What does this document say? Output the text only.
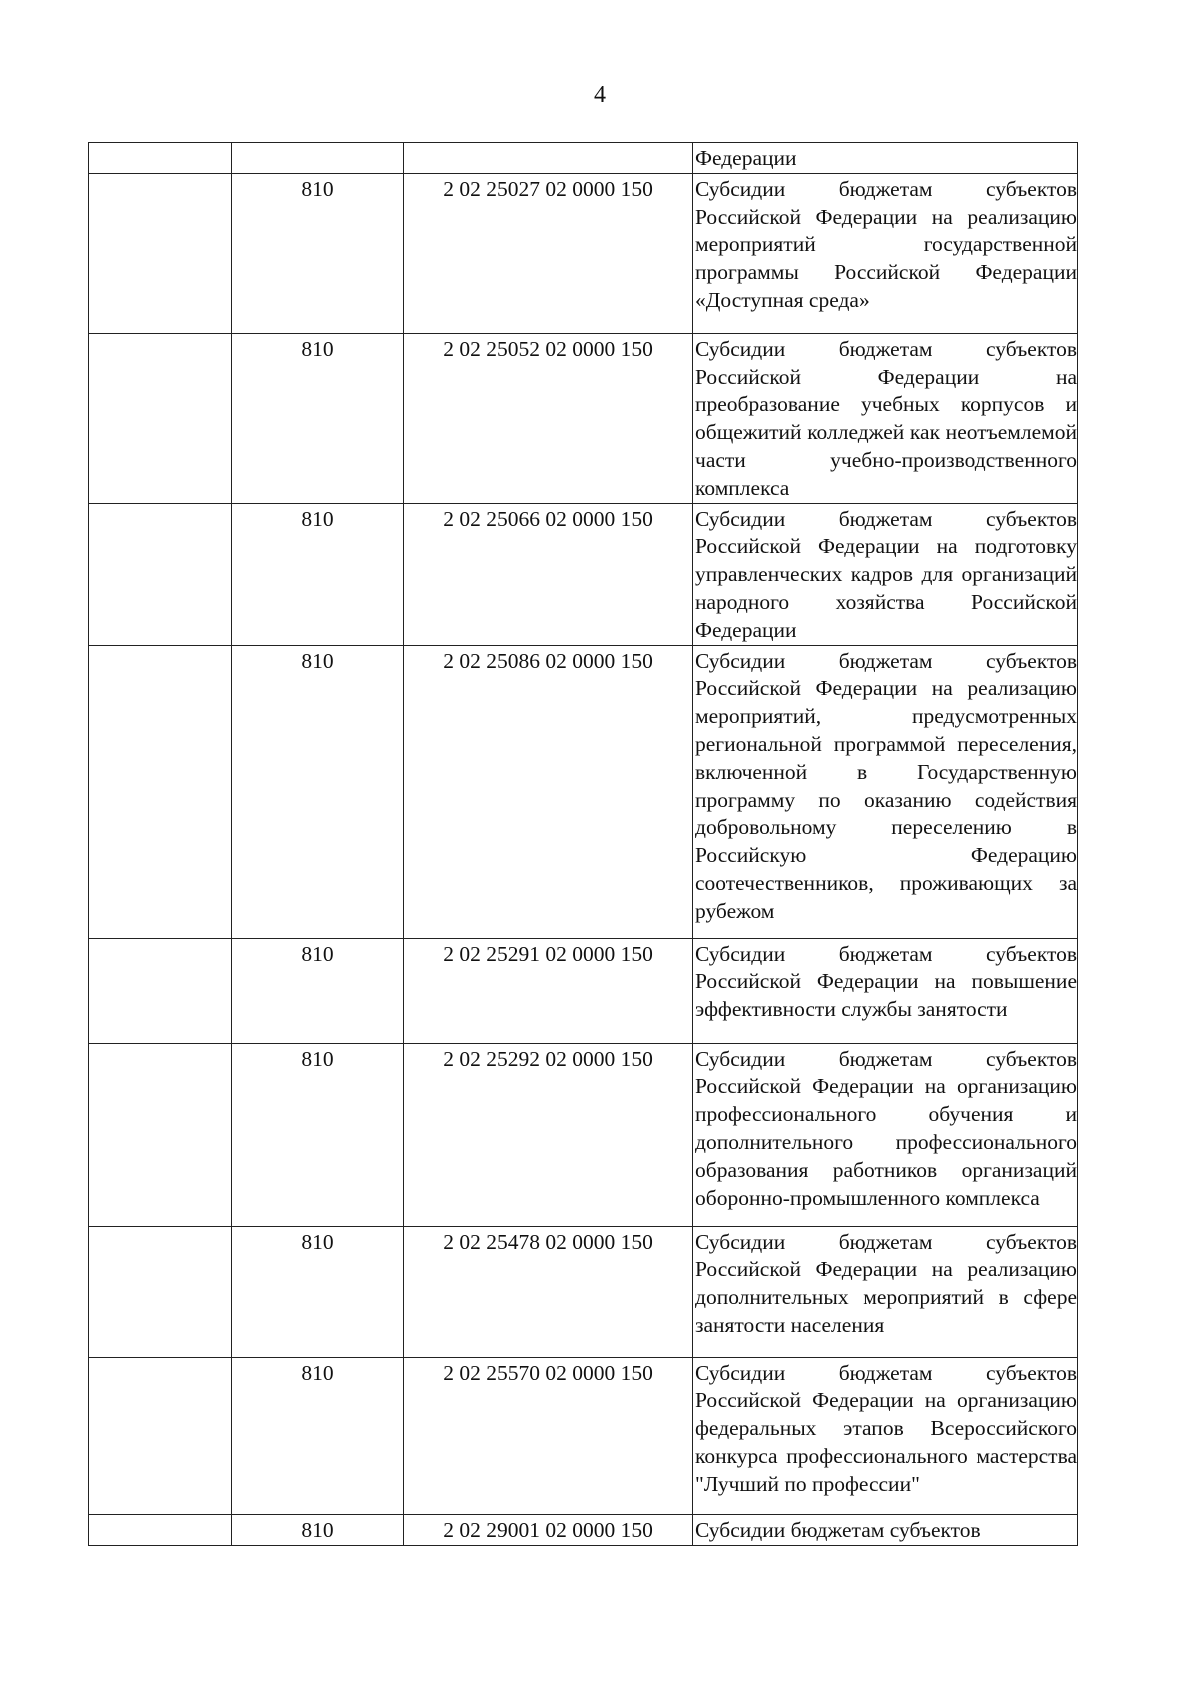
4
			Федерации
	810	2 02 25027 02 0000 150	Субсидии бюджетам субъектов Российской Федерации на реализацию мероприятий государственной программы Российской Федерации «Доступная среда»
	810	2 02 25052 02 0000 150	Субсидии бюджетам субъектов Российской Федерации на преобразование учебных корпусов и общежитий колледжей как неотъемлемой части учебно-производственного комплекса
	810	2 02 25066 02 0000 150	Субсидии бюджетам субъектов Российской Федерации на подготовку управленческих кадров для организаций народного хозяйства Российской Федерации
	810	2 02 25086 02 0000 150	Субсидии бюджетам субъектов Российской Федерации на реализацию мероприятий, предусмотренных региональной программой переселения, включенной в Государственную программу по оказанию содействия добровольному переселению в Российскую Федерацию соотечественников, проживающих за рубежом
	810	2 02 25291 02 0000 150	Субсидии бюджетам субъектов Российской Федерации на повышение эффективности службы занятости
	810	2 02 25292 02 0000 150	Субсидии бюджетам субъектов Российской Федерации на организацию профессионального обучения и дополнительного профессионального образования работников организаций оборонно-промышленного комплекса
	810	2 02 25478 02 0000 150	Субсидии бюджетам субъектов Российской Федерации на реализацию дополнительных мероприятий в сфере занятости населения
	810	2 02 25570 02 0000 150	Субсидии бюджетам субъектов Российской Федерации на организацию федеральных этапов Всероссийского конкурса профессионального мастерства "Лучший по профессии"
	810	2 02 29001 02 0000 150	Субсидии бюджетам субъектов
